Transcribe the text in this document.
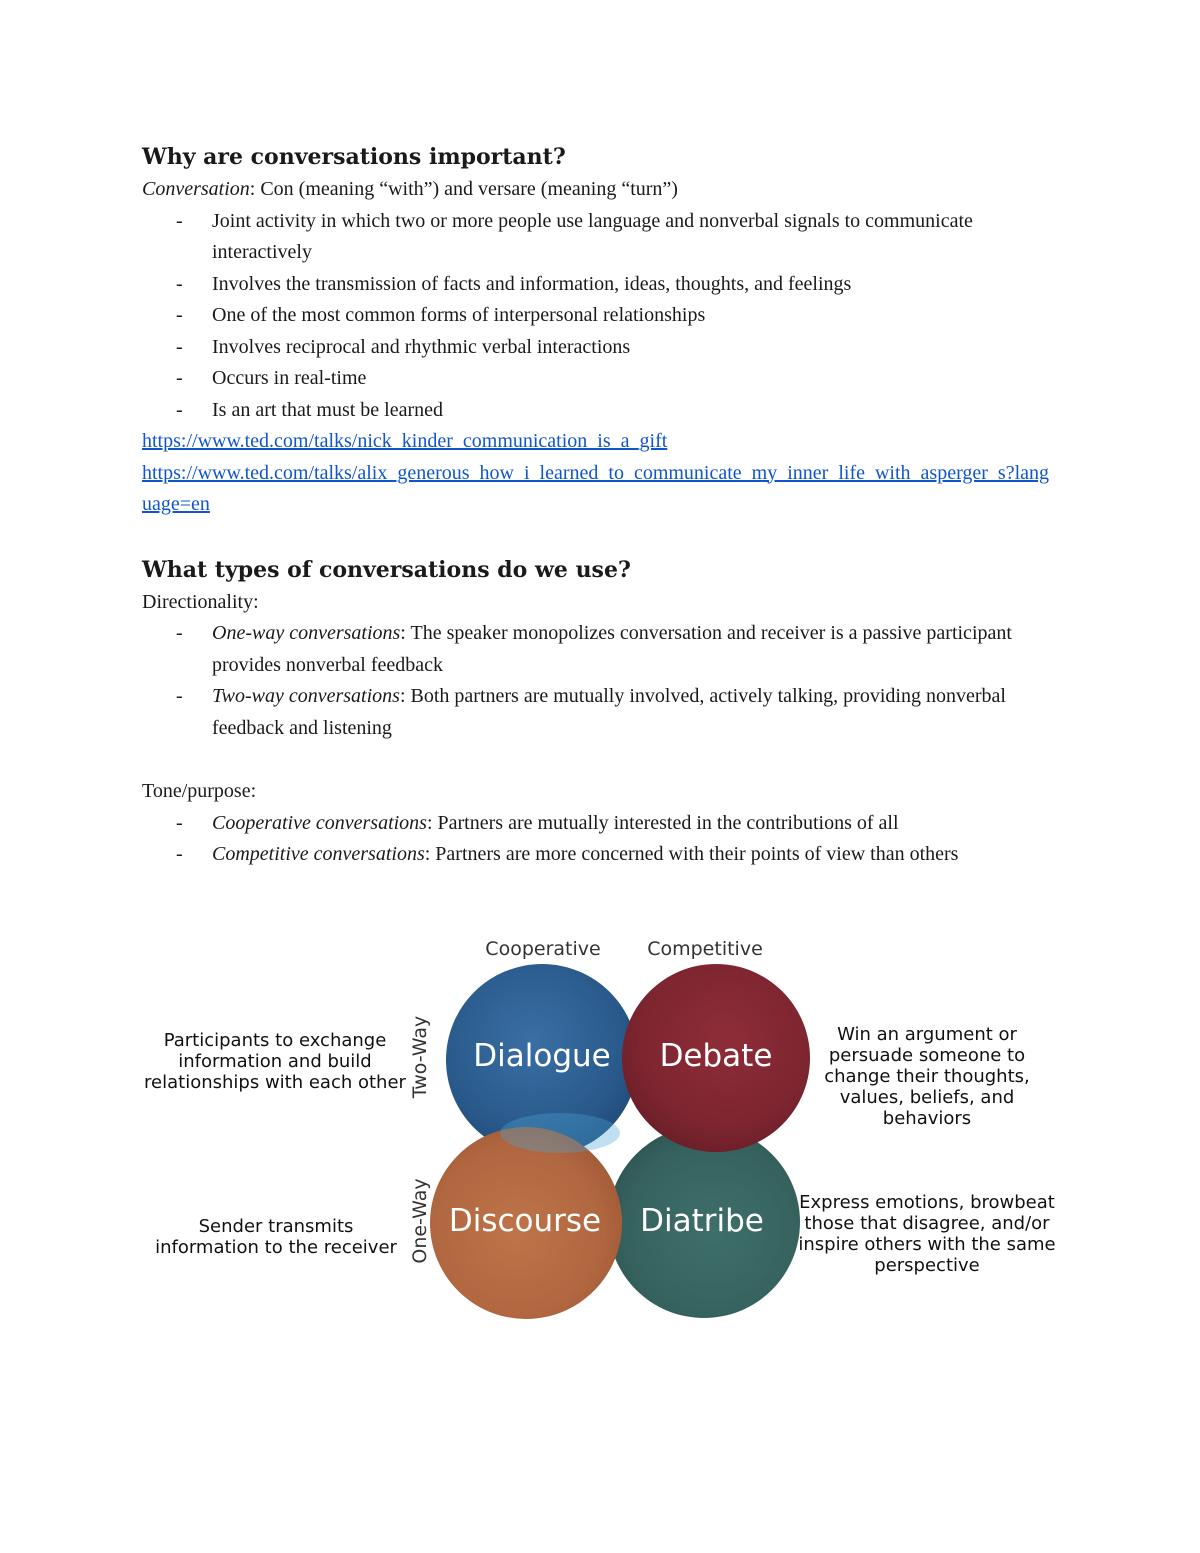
Why are conversations important?

Conversation: Con (meaning “with”) and versare (meaning “turn”)

- Joint activity in which two or more people use language and nonverbal signals to communicate interactively
- Involves the transmission of facts and information, ideas, thoughts, and feelings
- One of the most common forms of interpersonal relationships
- Involves reciprocal and rhythmic verbal interactions
- Occurs in real-time
- Is an art that must be learned
https://www.ted.com/talks/nick_kinder_communication_is_a_gift
https://www.ted.com/talks/alix_generous_how_i_learned_to_communicate_my_inner_life_with_asperger_s?language=en
What types of conversations do we use?

Directionality:

- One-way conversations: The speaker monopolizes conversation and receiver is a passive participant provides nonverbal feedback
- Two-way conversations: Both partners are mutually involved, actively talking, providing nonverbal feedback and listening

Tone/purpose:

- Cooperative conversations: Partners are mutually interested in the contributions of all
- Competitive conversations: Partners are more concerned with their points of view than others
Cooperative	Competitive
Two-Way
One-Way
Dialogue	Debate
Discourse	Diatribe
Participants to exchange information and build relationships with each other
Win an argument or persuade someone to change their thoughts, values, beliefs, and behaviors
Sender transmits information to the receiver
Express emotions, browbeat those that disagree, and/or inspire others with the same perspective
